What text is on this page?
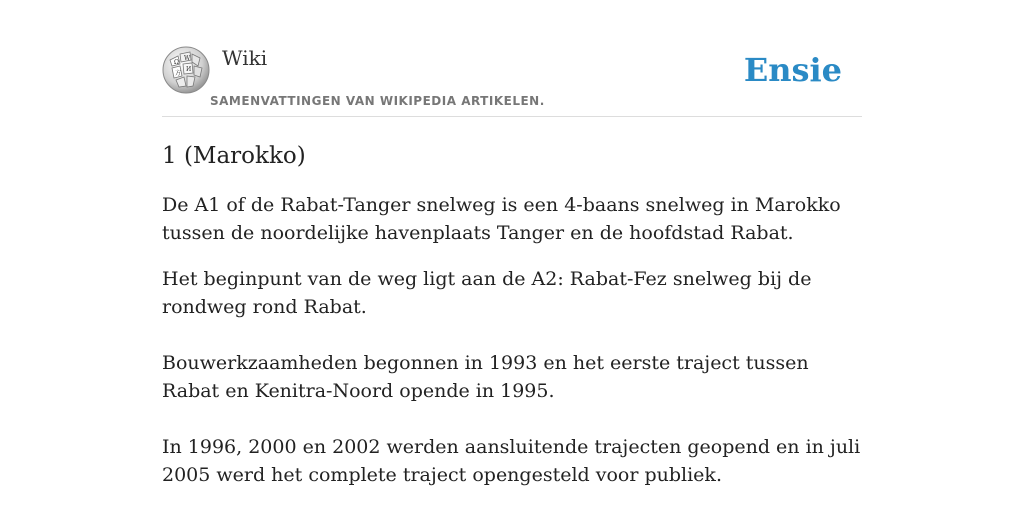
Ω
W
И
方
Wiki
SAMENVATTINGEN VAN WIKIPEDIA ARTIKELEN.
Ensie
1 (Marokko)

De A1 of de Rabat-Tanger snelweg is een 4-baans snelweg in Marokko tussen de noordelijke havenplaats Tanger en de hoofdstad Rabat.

Het beginpunt van de weg ligt aan de A2: Rabat-Fez snelweg bij de rondweg rond Rabat.

Bouwerkzaamheden begonnen in 1993 en het eerste traject tussen Rabat en Kenitra-Noord opende in 1995.

In 1996, 2000 en 2002 werden aansluitende trajecten geopend en in juli 2005 werd het complete traject opengesteld voor publiek.
